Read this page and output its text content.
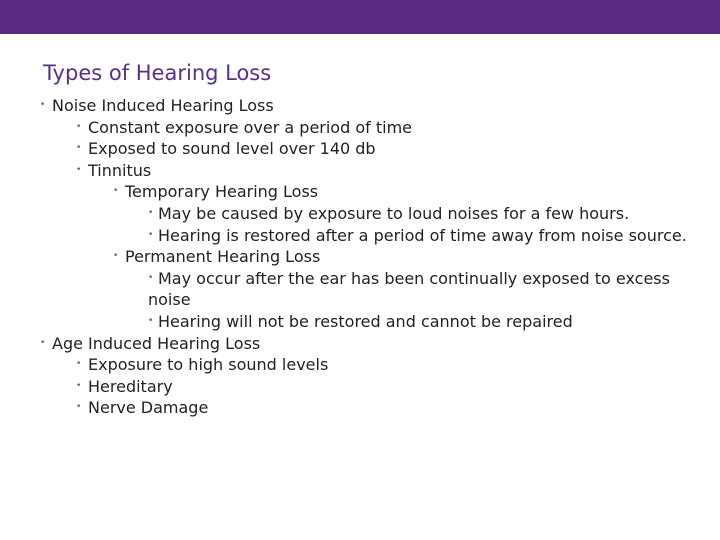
Types of Hearing Loss
• Noise Induced Hearing Loss
• Constant exposure over a period of time
• Exposed to sound level over 140 db
• Tinnitus
• Temporary Hearing Loss
• May be caused by exposure to loud noises for a few hours.
• Hearing is restored after a period of time away from noise source.
• Permanent Hearing Loss
• May occur after the ear has been continually exposed to excess noise
• Hearing will not be restored and cannot be repaired
• Age Induced Hearing Loss
• Exposure to high sound levels
• Hereditary
• Nerve Damage
